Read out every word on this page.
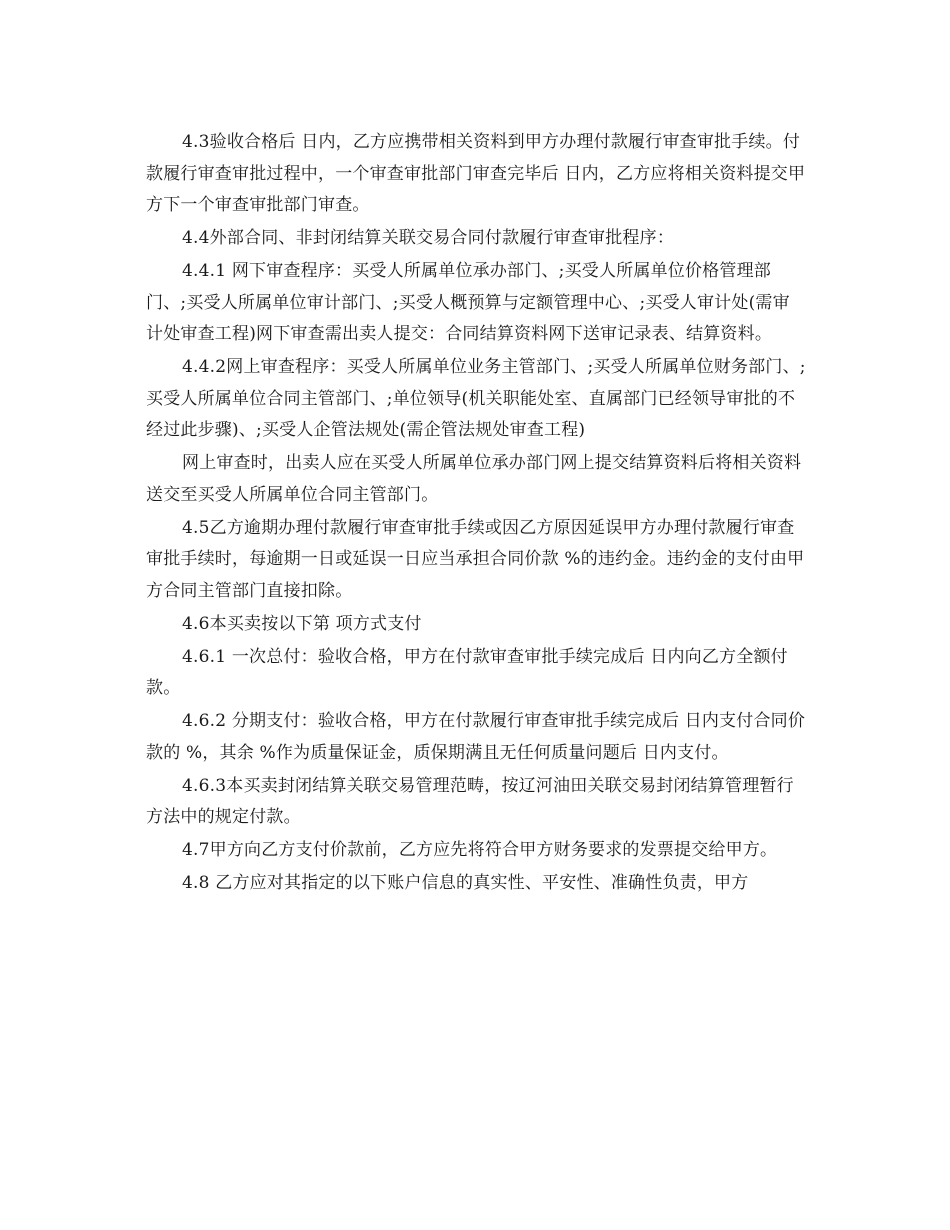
4.3验收合格后 日内，乙方应携带相关资料到甲方办理付款履行审查审批手续。付款履行审查审批过程中，一个审查审批部门审查完毕后 日内，乙方应将相关资料提交甲方下一个审查审批部门审查。

4.4外部合同、非封闭结算关联交易合同付款履行审查审批程序：

4.4.1 网下审查程序：买受人所属单位承办部门、;买受人所属单位价格管理部门、;买受人所属单位审计部门、;买受人概预算与定额管理中心、;买受人审计处(需审计处审查工程)网下审查需出卖人提交：合同结算资料网下送审记录表、结算资料。

4.4.2网上审查程序：买受人所属单位业务主管部门、;买受人所属单位财务部门、;买受人所属单位合同主管部门、;单位领导(机关职能处室、直属部门已经领导审批的不经过此步骤)、;买受人企管法规处(需企管法规处审查工程)

网上审查时，出卖人应在买受人所属单位承办部门网上提交结算资料后将相关资料送交至买受人所属单位合同主管部门。

4.5乙方逾期办理付款履行审查审批手续或因乙方原因延误甲方办理付款履行审查审批手续时，每逾期一日或延误一日应当承担合同价款 %的违约金。违约金的支付由甲方合同主管部门直接扣除。

4.6本买卖按以下第 项方式支付

4.6.1 一次总付：验收合格，甲方在付款审查审批手续完成后 日内向乙方全额付款。

4.6.2 分期支付：验收合格，甲方在付款履行审查审批手续完成后 日内支付合同价款的 %，其余 %作为质量保证金，质保期满且无任何质量问题后 日内支付。

4.6.3本买卖封闭结算关联交易管理范畴，按辽河油田关联交易封闭结算管理暂行方法中的规定付款。

4.7甲方向乙方支付价款前，乙方应先将符合甲方财务要求的发票提交给甲方。

4.8 乙方应对其指定的以下账户信息的真实性、平安性、准确性负责，甲方
